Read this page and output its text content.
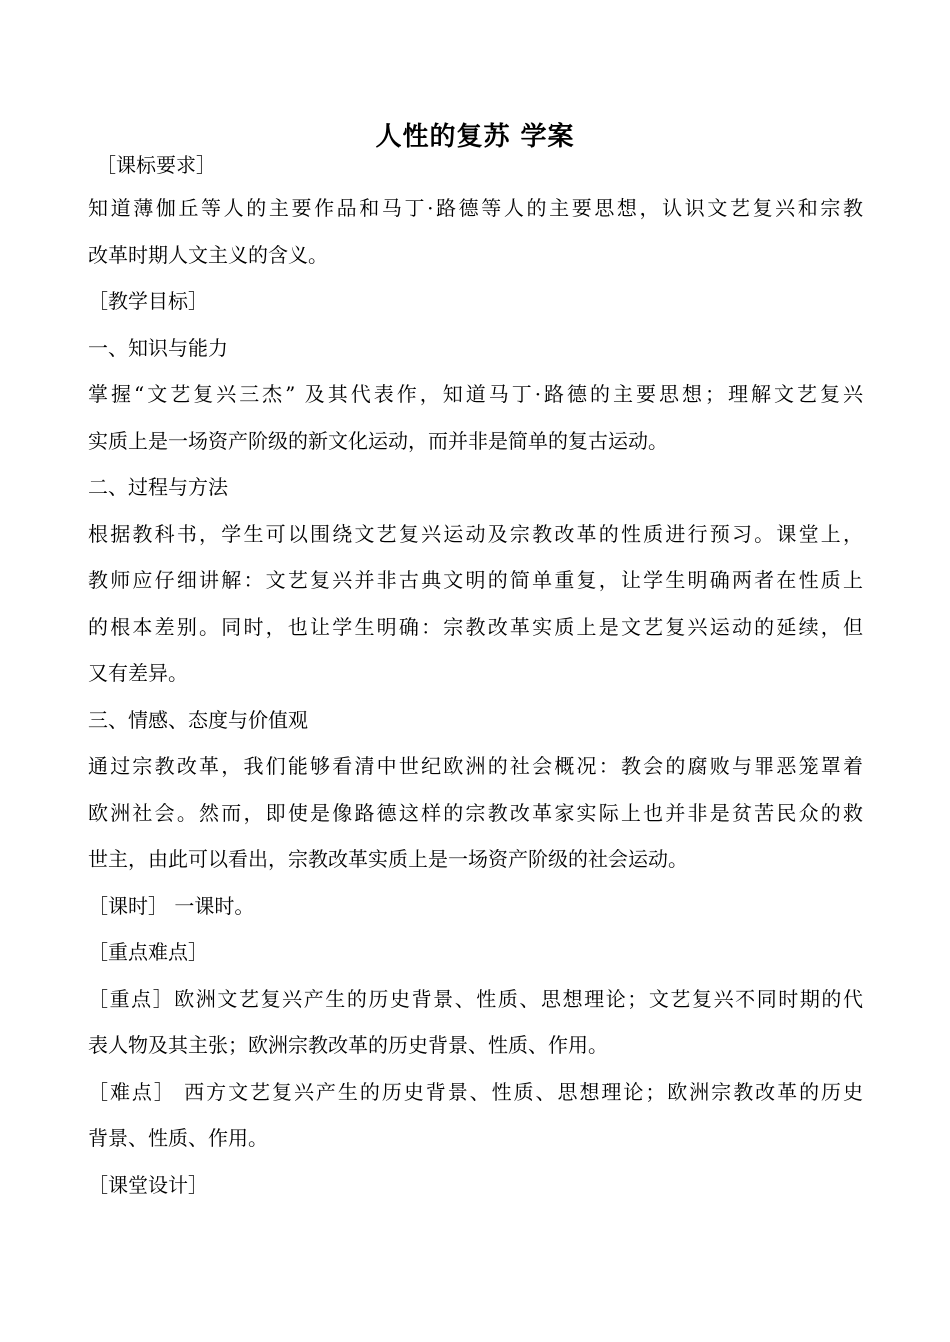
人性的复苏 学案
［课标要求］
知道薄伽丘等人的主要作品和马丁·路德等人的主要思想，认识文艺复兴和宗教
改革时期人文主义的含义。
［教学目标］
一、知识与能力
掌握“文艺复兴三杰” 及其代表作，知道马丁·路德的主要思想；理解文艺复兴
实质上是一场资产阶级的新文化运动，而并非是简单的复古运动。
二、过程与方法
根据教科书，学生可以围绕文艺复兴运动及宗教改革的性质进行预习。课堂上，
教师应仔细讲解：文艺复兴并非古典文明的简单重复，让学生明确两者在性质上
的根本差别。同时，也让学生明确：宗教改革实质上是文艺复兴运动的延续，但
又有差异。
三、情感、态度与价值观
通过宗教改革，我们能够看清中世纪欧洲的社会概况：教会的腐败与罪恶笼罩着
欧洲社会。然而，即使是像路德这样的宗教改革家实际上也并非是贫苦民众的救
世主，由此可以看出，宗教改革实质上是一场资产阶级的社会运动。
［课时］ 一课时。
［重点难点］
［重点］欧洲文艺复兴产生的历史背景、性质、思想理论；文艺复兴不同时期的代
表人物及其主张；欧洲宗教改革的历史背景、性质、作用。
［难点］ 西方文艺复兴产生的历史背景、性质、思想理论；欧洲宗教改革的历史
背景、性质、作用。
［课堂设计］
